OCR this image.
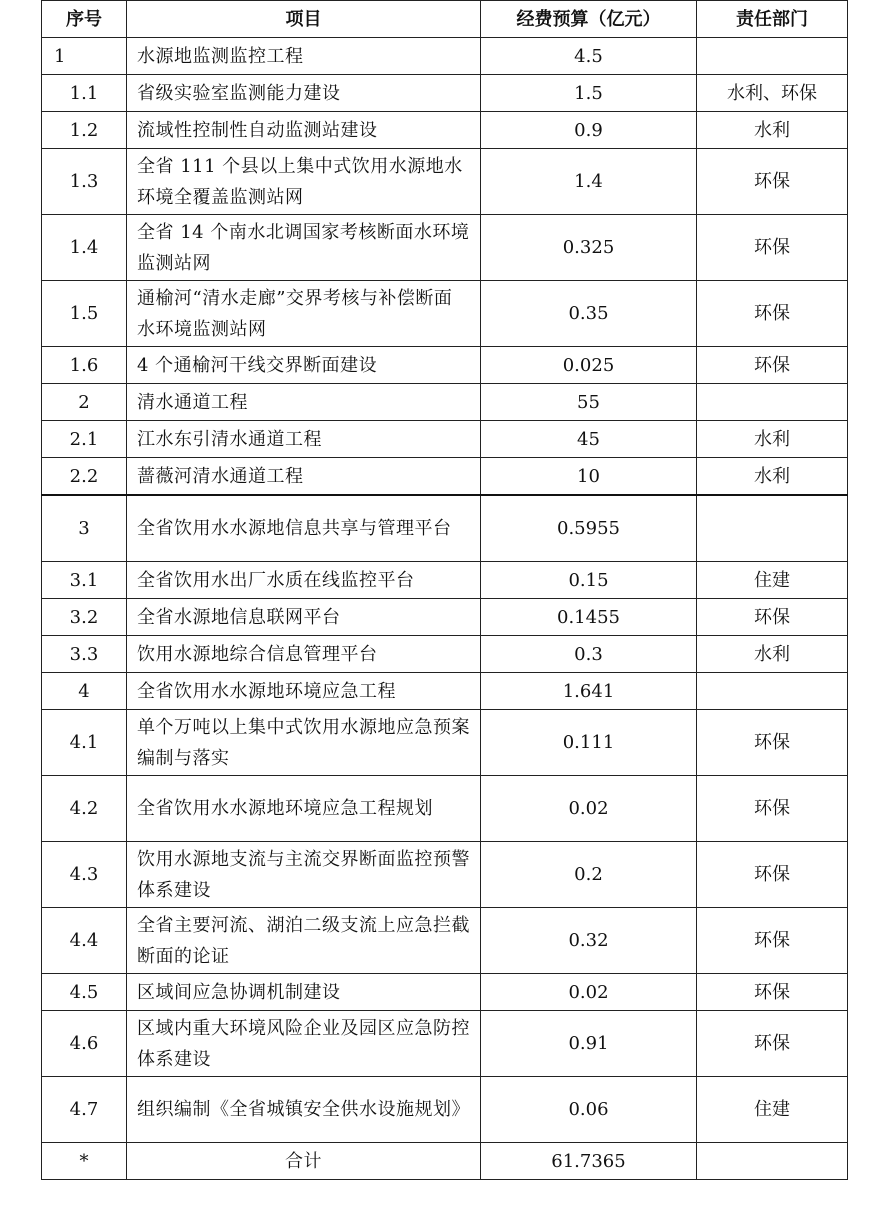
序号	项目	经费预算（亿元）	责任部门
1	水源地监测监控工程	4.5	
1.1	省级实验室监测能力建设	1.5	水利、环保
1.2	流域性控制性自动监测站建设	0.9	水利
1.3	全省 111 个县以上集中式饮用水源地水环境全覆盖监测站网	1.4	环保
1.4	全省 14 个南水北调国家考核断面水环境监测站网	0.325	环保
1.5	通榆河“清水走廊”交界考核与补偿断面水环境监测站网	0.35	环保
1.6	4 个通榆河干线交界断面建设	0.025	环保
2	清水通道工程	55	
2.1	江水东引清水通道工程	45	水利
2.2	蔷薇河清水通道工程	10	水利
3	全省饮用水水源地信息共享与管理平台	0.5955	
3.1	全省饮用水出厂水质在线监控平台	0.15	住建
3.2	全省水源地信息联网平台	0.1455	环保
3.3	饮用水源地综合信息管理平台	0.3	水利
4	全省饮用水水源地环境应急工程	1.641	
4.1	单个万吨以上集中式饮用水源地应急预案编制与落实	0.111	环保
4.2	全省饮用水水源地环境应急工程规划	0.02	环保
4.3	饮用水源地支流与主流交界断面监控预警体系建设	0.2	环保
4.4	全省主要河流、湖泊二级支流上应急拦截断面的论证	0.32	环保
4.5	区域间应急协调机制建设	0.02	环保
4.6	区域内重大环境风险企业及园区应急防控体系建设	0.91	环保
4.7	组织编制《全省城镇安全供水设施规划》	0.06	住建
*	合计	61.7365	
